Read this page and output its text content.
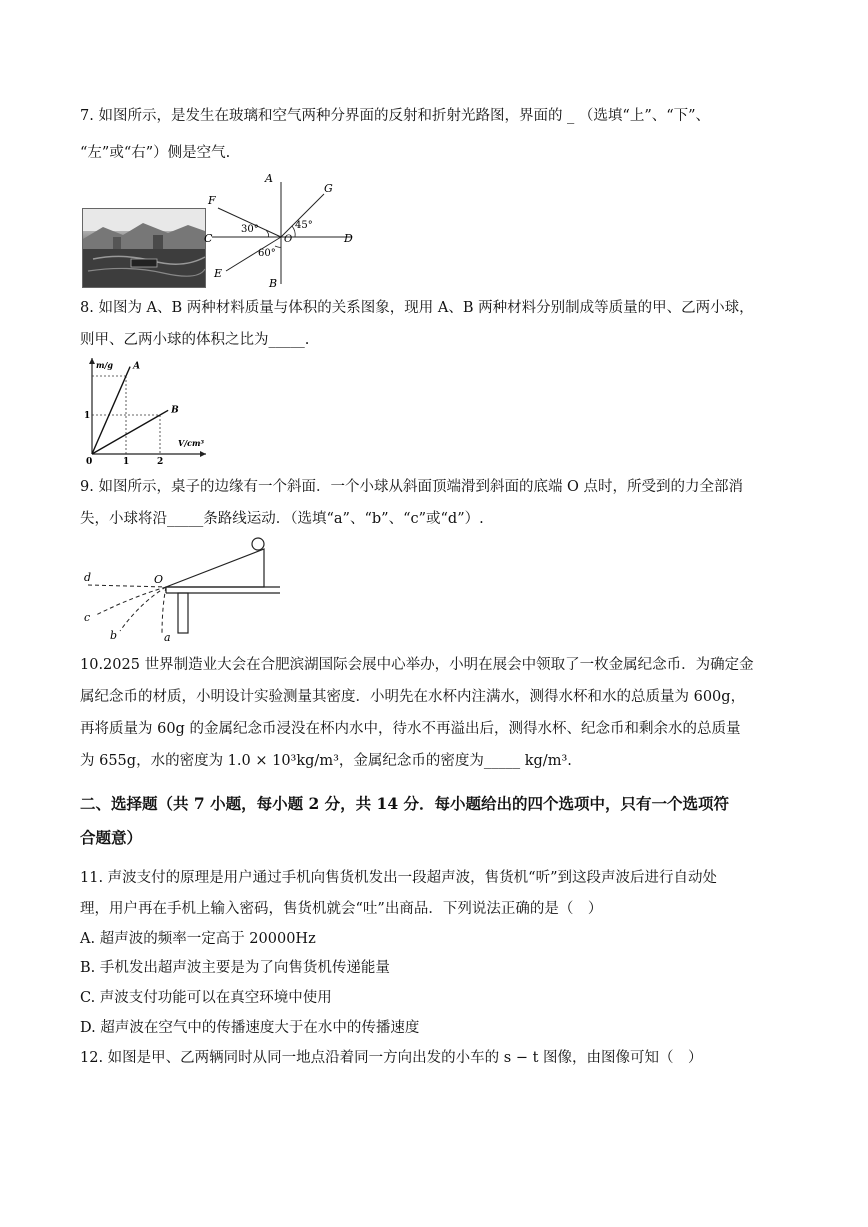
7. 如图所示，是发生在玻璃和空气两种分界面的反射和折射光路图，界面的 _ （选填“上”、“下”、
“左”或“右”）侧是空气.
A
B
C	D
E
F
G
O
30°	45°
60°
8. 如图为 A、B 两种材料质量与体积的关系图象，现用 A、B 两种材料分别制成等质量的甲、乙两小球，
则甲、乙两小球的体积之比为_____.
m/g
V/cm³
0
A
B
1	2
1
9. 如图所示，桌子的边缘有一个斜面．一个小球从斜面顶端滑到斜面的底端 O 点时，所受到的力全部消
失，小球将沿_____条路线运动．（选填“a”、“b”、“c”或“d”）.
d
c
b	a
O
10.2025 世界制造业大会在合肥滨湖国际会展中心举办，小明在展会中领取了一枚金属纪念币．为确定金
属纪念币的材质，小明设计实验测量其密度．小明先在水杯内注满水，测得水杯和水的总质量为 600g，
再将质量为 60g 的金属纪念币浸没在杯内水中，待水不再溢出后，测得水杯、纪念币和剩余水的总质量
为 655g，水的密度为 1.0 × 10³kg/m³，金属纪念币的密度为_____ kg/m³.
二、选择题（共 7 小题，每小题 2 分，共 14 分．每小题给出的四个选项中，只有一个选项符
合题意）
11. 声波支付的原理是用户通过手机向售货机发出一段超声波，售货机“听”到这段声波后进行自动处
理，用户再在手机上输入密码，售货机就会“吐”出商品．下列说法正确的是（　）
A. 超声波的频率一定高于 20000Hz
B. 手机发出超声波主要是为了向售货机传递能量
C. 声波支付功能可以在真空环境中使用
D. 超声波在空气中的传播速度大于在水中的传播速度
12. 如图是甲、乙两辆同时从同一地点沿着同一方向出发的小车的 s − t 图像，由图像可知（　）
